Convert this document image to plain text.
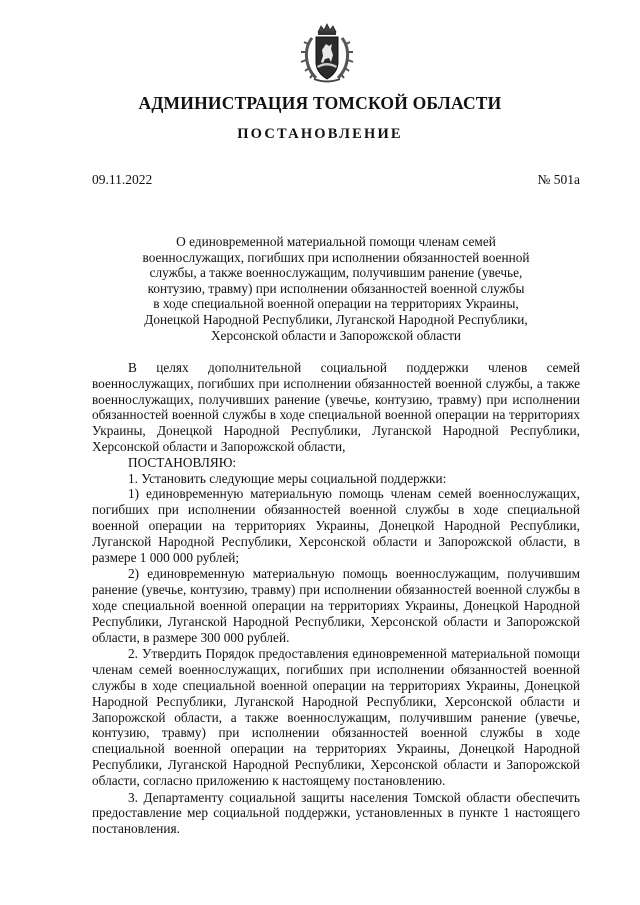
АДМИНИСТРАЦИЯ ТОМСКОЙ ОБЛАСТИ
ПОСТАНОВЛЕНИЕ
09.11.2022	№ 501а
О единовременной материальной помощи членам семей
военнослужащих, погибших при исполнении обязанностей военной
службы, а также военнослужащим, получившим ранение (увечье,
контузию, травму) при исполнении обязанностей военной службы
в ходе специальной военной операции на территориях Украины,
Донецкой Народной Республики, Луганской Народной Республики,
Херсонской области и Запорожской области

В целях дополнительной социальной поддержки членов семей военнослужащих, погибших при исполнении обязанностей военной службы, а также военнослужащих, получивших ранение (увечье, контузию, травму) при исполнении обязанностей военной службы в ходе специальной военной операции на территориях Украины, Донецкой Народной Республики, Луганской Народной Республики, Херсонской области и Запорожской области,

ПОСТАНОВЛЯЮ:

1. Установить следующие меры социальной поддержки:

1) единовременную материальную помощь членам семей военнослужащих, погибших при исполнении обязанностей военной службы в ходе специальной военной операции на территориях Украины, Донецкой Народной Республики, Луганской Народной Республики, Херсонской области и Запорожской области, в размере 1 000 000 рублей;

2) единовременную материальную помощь военнослужащим, получившим ранение (увечье, контузию, травму) при исполнении обязанностей военной службы в ходе специальной военной операции на территориях Украины, Донецкой Народной Республики, Луганской Народной Республики, Херсонской области и Запорожской области, в размере 300 000 рублей.

2. Утвердить Порядок предоставления единовременной материальной помощи членам семей военнослужащих, погибших при исполнении обязанностей военной службы в ходе специальной военной операции на территориях Украины, Донецкой Народной Республики, Луганской Народной Республики, Херсонской области и Запорожской области, а также военнослужащим, получившим ранение (увечье, контузию, травму) при исполнении обязанностей военной службы в ходе специальной военной операции на территориях Украины, Донецкой Народной Республики, Луганской Народной Республики, Херсонской области и Запорожской области, согласно приложению к настоящему постановлению.

3. Департаменту социальной защиты населения Томской области обеспечить предоставление мер социальной поддержки, установленных в пункте 1 настоящего постановления.
